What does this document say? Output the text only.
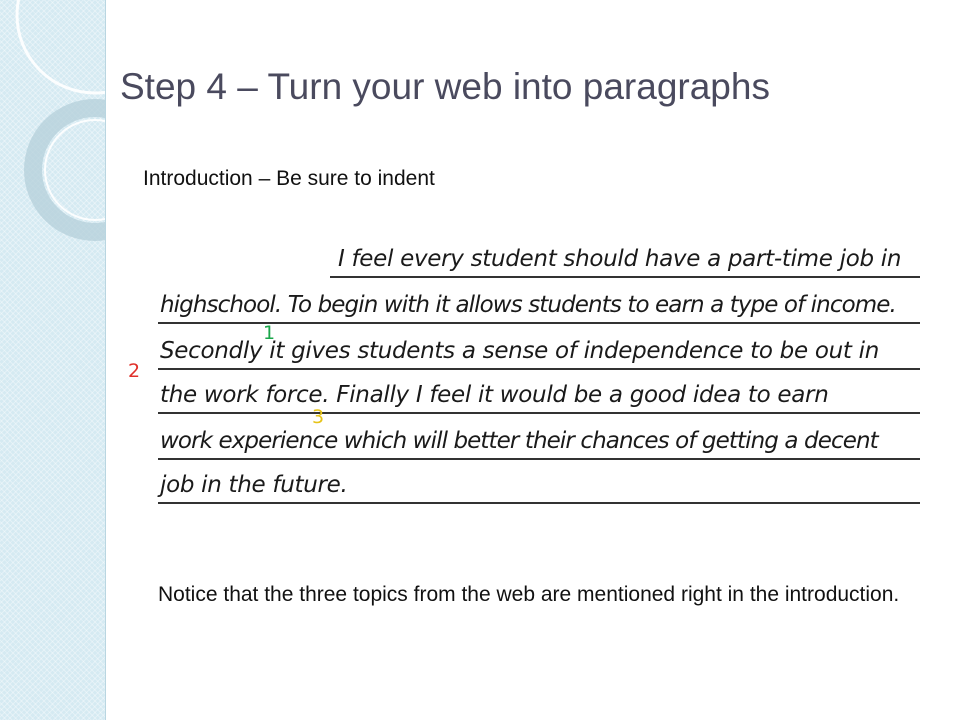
Step 4 – Turn your web into paragraphs

Introduction – Be sure to indent

I feel every student should have a part-time job in
highschool. To begin with it allows students to earn a type of income.
Secondly it gives students a sense of independence to be out in
the work force. Finally I feel it would be a good idea to earn
work experience which will better their chances of getting a decent
job in the future.
1
2
3

Notice that the three topics from the web are mentioned right in the introduction.
